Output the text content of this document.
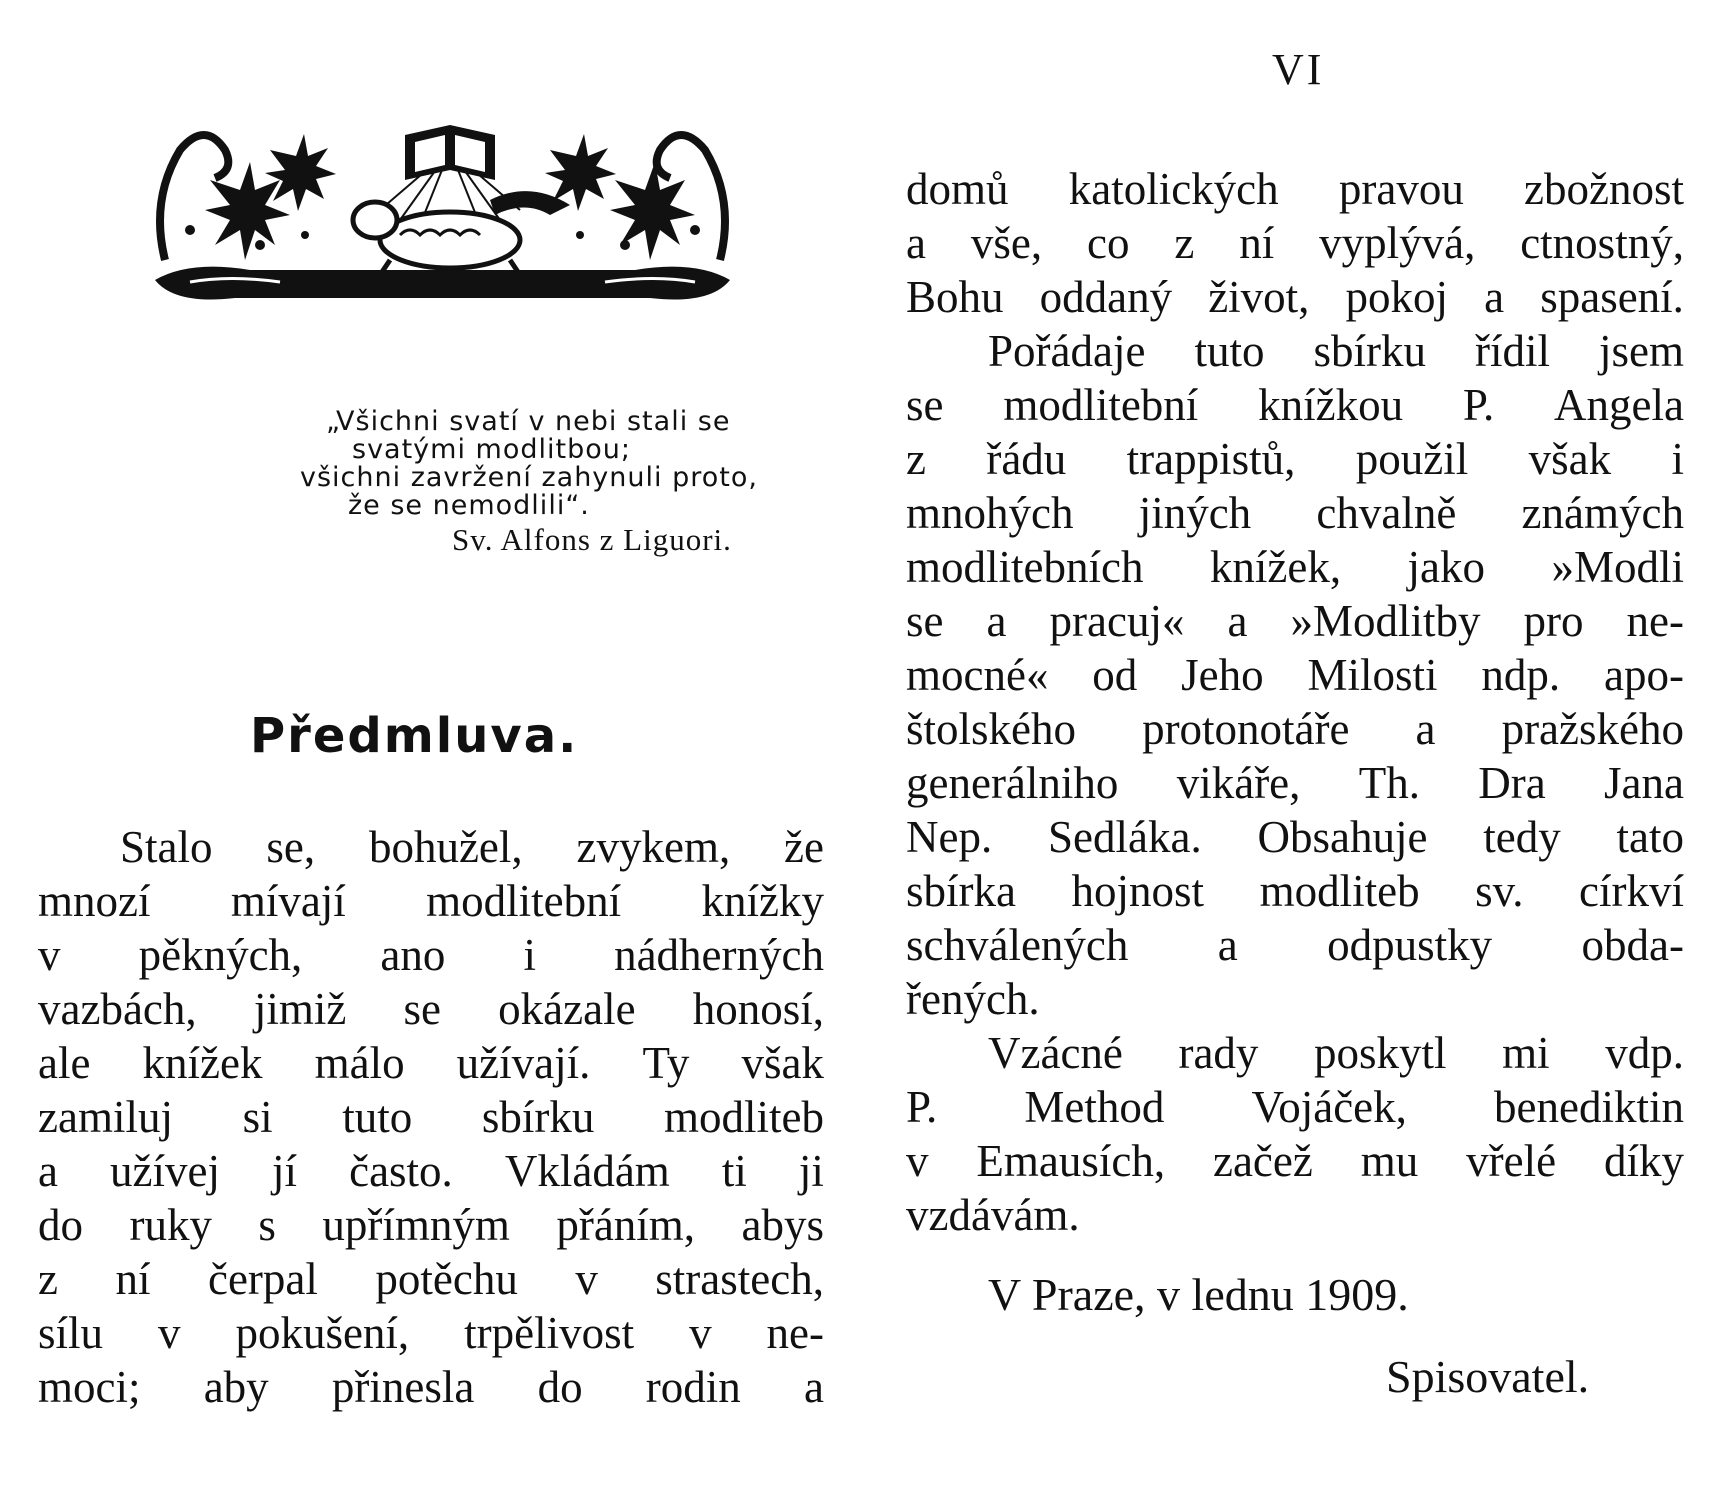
„Všichni svatí v nebi stali se
svatými modlitbou;
všichni zavržení zahynuli proto,
že se nemodlili“.
Sv. Alfons z Liguori.
Předmluva.
Stalo se, bohužel, zvykem, že
mnozí mívají modlitební knížky
v pěkných, ano i nádherných
vazbách, jimiž se okázale honosí,
ale knížek málo užívají. Ty však
zamiluj si tuto sbírku modliteb
a užívej jí často. Vkládám ti ji
do ruky s upřímným přáním, abys
z ní čerpal potěchu v strastech,
sílu v pokušení, trpělivost v ne-
moci; aby přinesla do rodin a
VI
domů katolických pravou zbožnost
a vše, co z ní vyplývá, ctnostný,
Bohu oddaný život, pokoj a spasení.
Pořádaje tuto sbírku řídil jsem
se modlitební knížkou P. Angela
z řádu trappistů, použil však i
mnohých jiných chvalně známých
modlitebních knížek, jako »Modli
se a pracuj« a »Modlitby pro ne-
mocné« od Jeho Milosti ndp. apo-
štolského protonotáře a pražského
generálniho vikáře, Th. Dra Jana
Nep. Sedláka. Obsahuje tedy tato
sbírka hojnost modliteb sv. církví
schválených a odpustky obda-
řených.
Vzácné rady poskytl mi vdp.
P. Method Vojáček, benediktin
v Emausích, začež mu vřelé díky
vzdávám.
V Praze, v lednu 1909.
Spisovatel.
